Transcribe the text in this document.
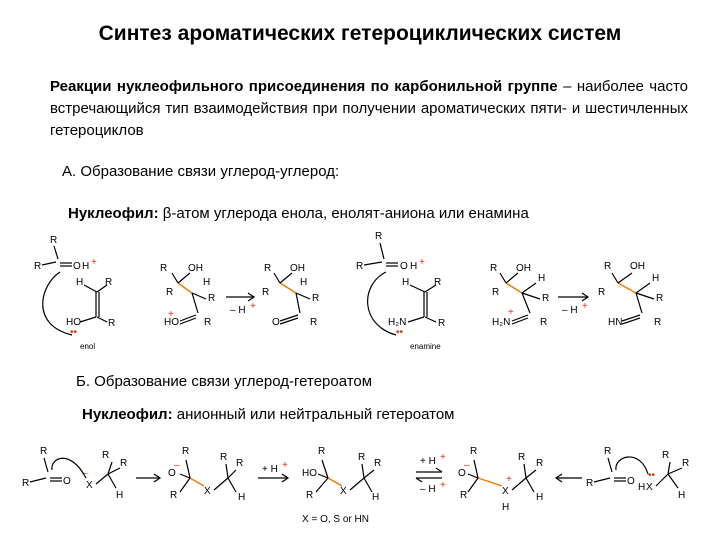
Синтез ароматических гетероциклических систем
Реакции нуклеофильного присоединения по карбонильной группе – наиболее часто встречающийся тип взаимодействия при получении ароматических пяти- и шестичленных гетероциклов
А. Образование связи углерод-углерод:
Нуклеофил: β-атом углерода енола, енолят-аниона или енамина
R
R	O H +
H R
HO
••
R
enol
R
R
OH
H
R
HO
+
R
– H +
R
R
OH
H
R
O	R
R
R	O H +
H R
H₂N
••
R
enamine
R
R
OH
H
R
H₂N
+
R
– H +
R
R
OH
H
R
HN	R
Б. Образование связи углерод-гетероатом
Нуклеофил: анионный или нейтральный гетероатом
R
R	O X
–
R
R
H
R
–
O
R	X
R
R
H
+ H +
R
HO
R	X
R
R
H
X = O, S or HN
+ H +
– H +
R
–
O
R	X
+
H
R
R
H
R
R	O
H X
••
R
R
H
